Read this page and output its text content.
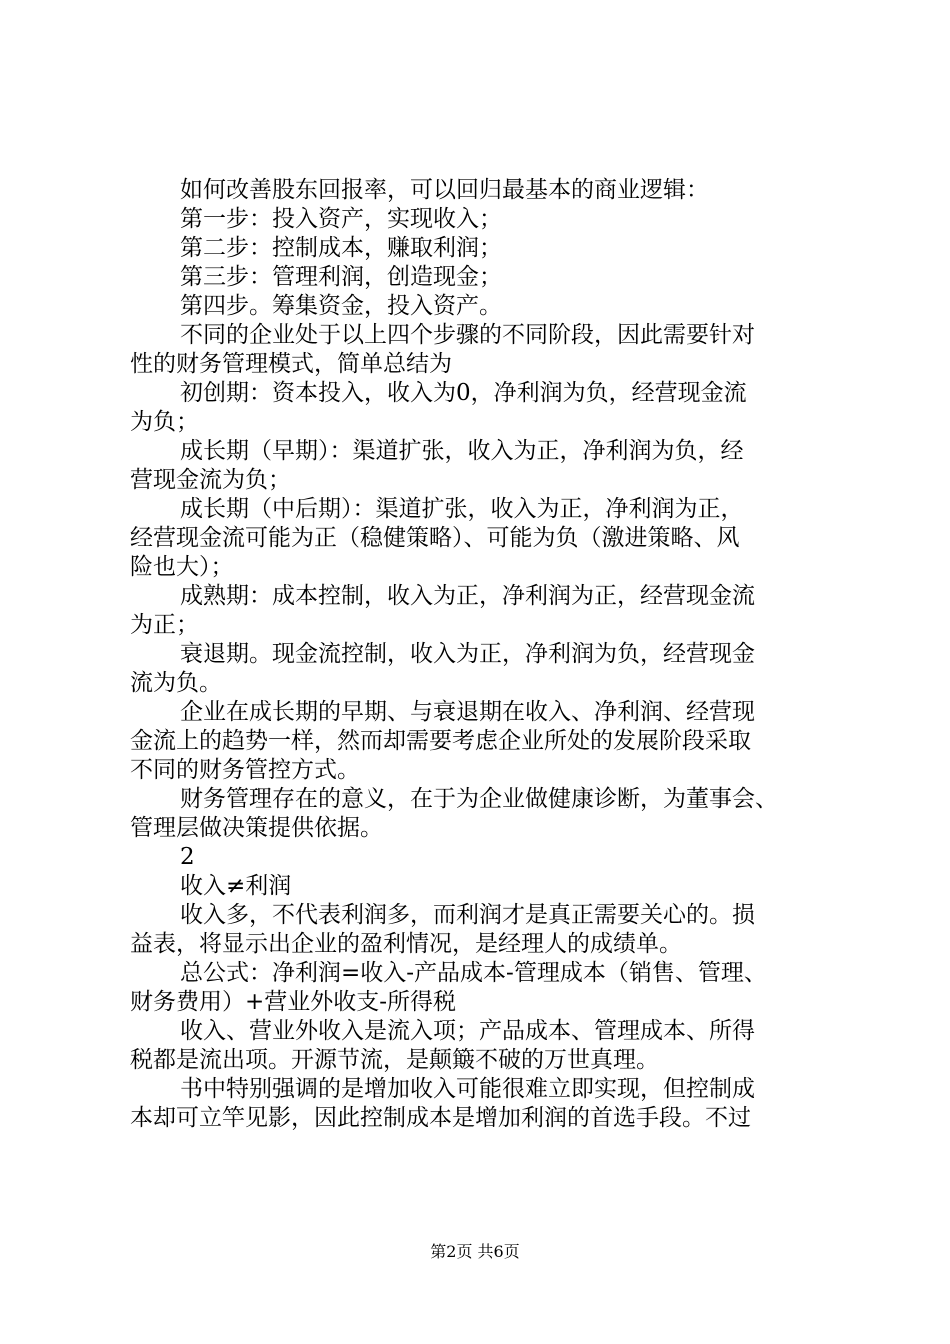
如何改善股东回报率，可以回归最基本的商业逻辑：
第一步：投入资产，实现收入；
第二步：控制成本，赚取利润；
第三步：管理利润，创造现金；
第四步。筹集资金，投入资产。
不同的企业处于以上四个步骤的不同阶段，因此需要针对
性的财务管理模式，简单总结为
初创期：资本投入，收入为0，净利润为负，经营现金流
为负；
成长期（早期）：渠道扩张，收入为正，净利润为负，经
营现金流为负；
成长期（中后期）：渠道扩张，收入为正，净利润为正，
经营现金流可能为正（稳健策略）、可能为负（激进策略、风
险也大）；
成熟期：成本控制，收入为正，净利润为正，经营现金流
为正；
衰退期。现金流控制，收入为正，净利润为负，经营现金
流为负。
企业在成长期的早期、与衰退期在收入、净利润、经营现
金流上的趋势一样，然而却需要考虑企业所处的发展阶段采取
不同的财务管控方式。
财务管理存在的意义，在于为企业做健康诊断，为董事会、
管理层做决策提供依据。
2
收入≠利润
收入多，不代表利润多，而利润才是真正需要关心的。损
益表，将显示出企业的盈利情况，是经理人的成绩单。
总公式：净利润=收入-产品成本-管理成本（销售、管理、
财务费用）+营业外收支-所得税
收入、营业外收入是流入项；产品成本、管理成本、所得
税都是流出项。开源节流，是颠簸不破的万世真理。
书中特别强调的是增加收入可能很难立即实现，但控制成
本却可立竿见影，因此控制成本是增加利润的首选手段。不过
第2页 共6页
